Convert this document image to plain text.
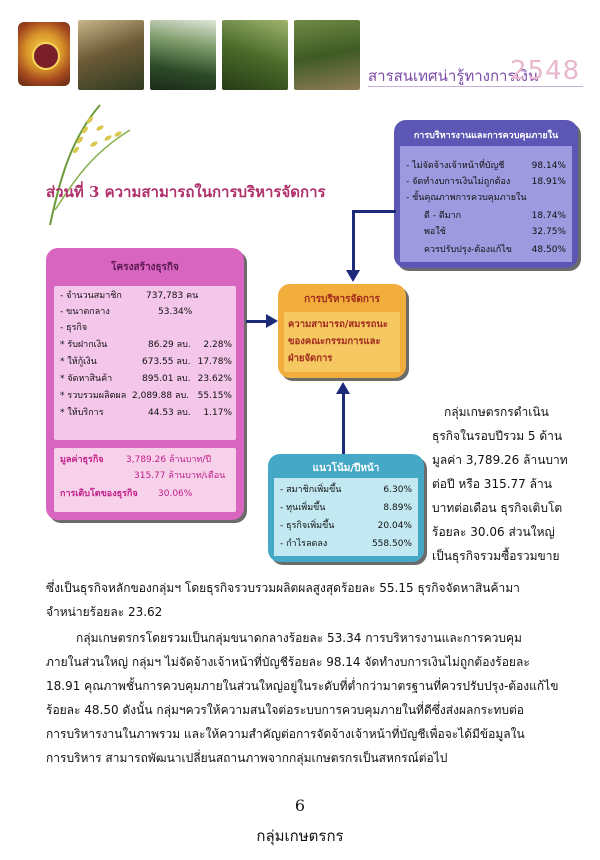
สารสนเทศน่ารู้ทางการเงิน
2548
ส่วนที่ 3 ความสามารถในการบริหารจัดการ
โครงสร้างธุรกิจ
- จำนวนสมาชิก	737,783 คน
- ขนาดกลาง	53.34%
- ธุรกิจ
* รับฝากเงิน	86.29 ลบ. 2.28%
* ให้กู้เงิน	673.55 ลบ. 17.78%
* จัดหาสินค้า	895.01 ลบ. 23.62%
* รวบรวมผลิตผล 2,089.88 ลบ. 55.15%
* ให้บริการ	44.53 ลบ. 1.17%
มูลค่าธุรกิจ 3,789.26 ล้านบาท/ปี
315.77 ล้านบาท/เดือน
การเติบโตของธุรกิจ 30.06%
การบริหารงานและการควบคุมภายใน
- ไม่จัดจ้างเจ้าหน้าที่บัญชี	98.14%
- จัดทำงบการเงินไม่ถูกต้อง 18.91%
- ชั้นคุณภาพการควบคุมภายใน
ดี - ดีมาก	18.74%
พอใช้	32.75%
ควรปรับปรุง-ต้องแก้ไข 48.50%
การบริหารจัดการ
ความสามารถ/สมรรถนะของคณะกรรมการและฝ่ายจัดการ
แนวโน้ม/ปีหน้า
- สมาชิกเพิ่มขึ้น	6.30%
- ทุนเพิ่มขึ้น	8.89%
- ธุรกิจเพิ่มขึ้น	20.04%
- กำไรลดลง	558.50%
กลุ่มเกษตรกรดำเนิน
ธุรกิจในรอบปีรวม 5 ด้าน
มูลค่า 3,789.26 ล้านบาท
ต่อปี หรือ 315.77 ล้าน
บาทต่อเดือน ธุรกิจเติบโต
ร้อยละ 30.06 ส่วนใหญ่
เป็นธุรกิจรวมซื้อรวมขาย
ซึ่งเป็นธุรกิจหลักของกลุ่มฯ โดยธุรกิจรวบรวมผลิตผลสูงสุดร้อยละ 55.15 ธุรกิจจัดหาสินค้ามา
จำหน่ายร้อยละ 23.62
กลุ่มเกษตรกรโดยรวมเป็นกลุ่มขนาดกลางร้อยละ 53.34 การบริหารงานและการควบคุม
ภายในส่วนใหญ่ กลุ่มฯ ไม่จัดจ้างเจ้าหน้าที่บัญชีร้อยละ 98.14 จัดทำงบการเงินไม่ถูกต้องร้อยละ
18.91 คุณภาพชั้นการควบคุมภายในส่วนใหญ่อยู่ในระดับที่ต่ำกว่ามาตรฐานที่ควรปรับปรุง-ต้องแก้ไข
ร้อยละ 48.50 ดังนั้น กลุ่มฯควรให้ความสนใจต่อระบบการควบคุมภายในที่ดีซึ่งส่งผลกระทบต่อ
การบริหารงานในภาพรวม และให้ความสำคัญต่อการจัดจ้างเจ้าหน้าที่บัญชีเพื่อจะได้มีข้อมูลใน
การบริหาร สามารถพัฒนาเปลี่ยนสถานภาพจากกลุ่มเกษตรกรเป็นสหกรณ์ต่อไป
6
กลุ่มเกษตรกร
